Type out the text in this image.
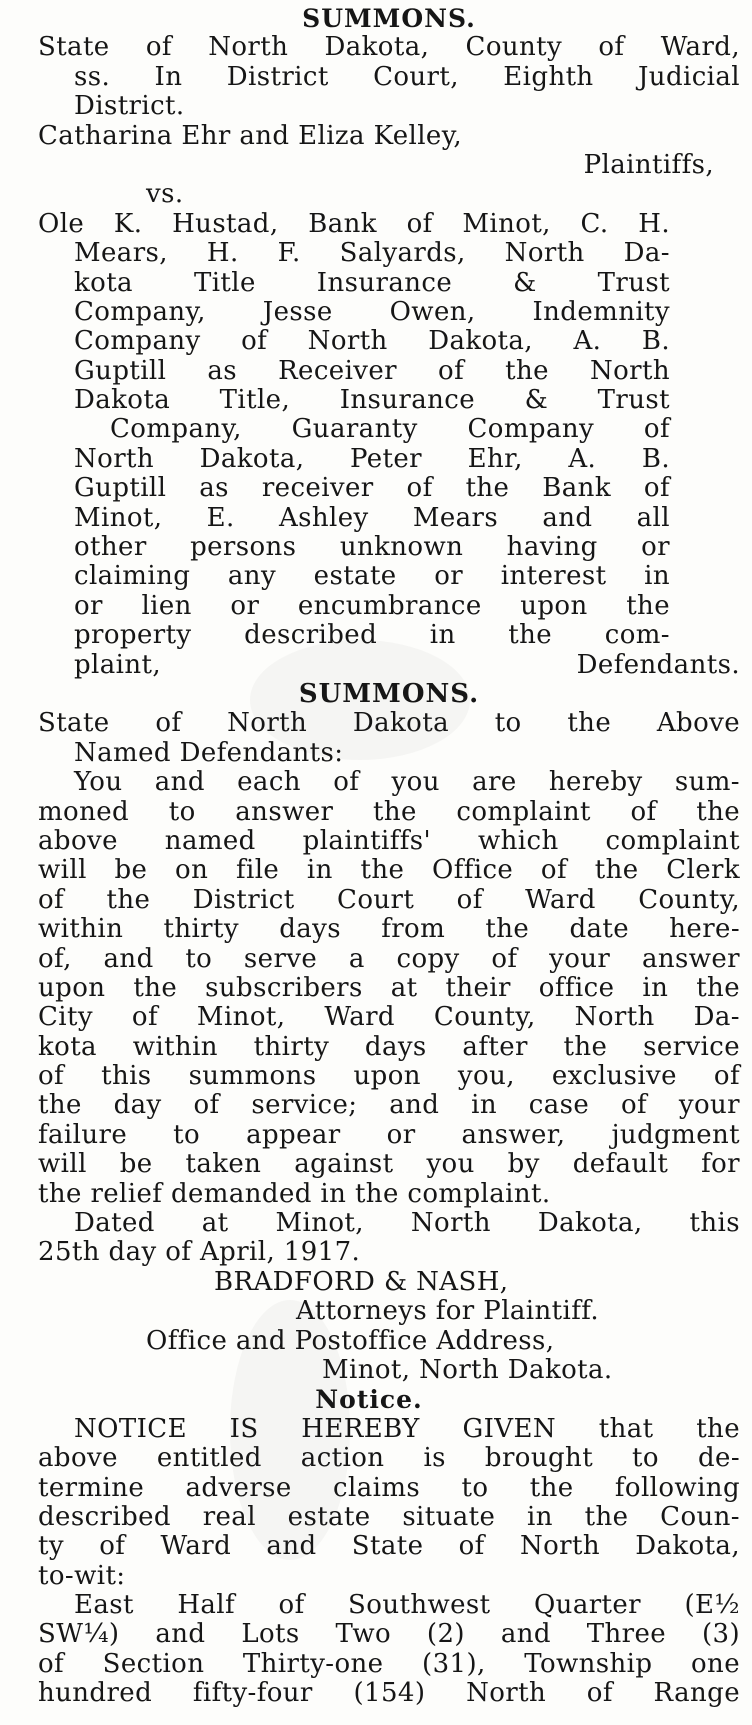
SUMMONS.
State of North Dakota, County of Ward,
ss. In District Court, Eighth Judicial
District.
Catharina Ehr and Eliza Kelley,
Plaintiffs,
vs.
Ole K. Hustad, Bank of Minot, C. H.
Mears, H. F. Salyards, North Da-
kota Title Insurance & Trust
Company, Jesse Owen, Indemnity
Company of North Dakota, A. B.
Guptill as Receiver of the North
Dakota Title, Insurance & Trust
Company, Guaranty Company of
North Dakota, Peter Ehr, A. B.
Guptill as receiver of the Bank of
Minot, E. Ashley Mears and all
other persons unknown having or
claiming any estate or interest in
or lien or encumbrance upon the
property described in the com-
plaint,	Defendants.
SUMMONS.
State of North Dakota to the Above
Named Defendants:
You and each of you are hereby sum-
moned to answer the complaint of the
above named plaintiffs' which complaint
will be on file in the Office of the Clerk
of the District Court of Ward County,
within thirty days from the date here-
of, and to serve a copy of your answer
upon the subscribers at their office in the
City of Minot, Ward County, North Da-
kota within thirty days after the service
of this summons upon you, exclusive of
the day of service; and in case of your
failure to appear or answer, judgment
will be taken against you by default for
the relief demanded in the complaint.
Dated at Minot, North Dakota, this
25th day of April, 1917.
BRADFORD & NASH,
Attorneys for Plaintiff.
Office and Postoffice Address,
Minot, North Dakota.
Notice.
NOTICE IS HEREBY GIVEN that the
above entitled action is brought to de-
termine adverse claims to the following
described real estate situate in the Coun-
ty of Ward and State of North Dakota,
to-wit:
East Half of Southwest Quarter (E½
SW¼) and Lots Two (2) and Three (3)
of Section Thirty-one (31), Township one
hundred fifty-four (154) North of Range
